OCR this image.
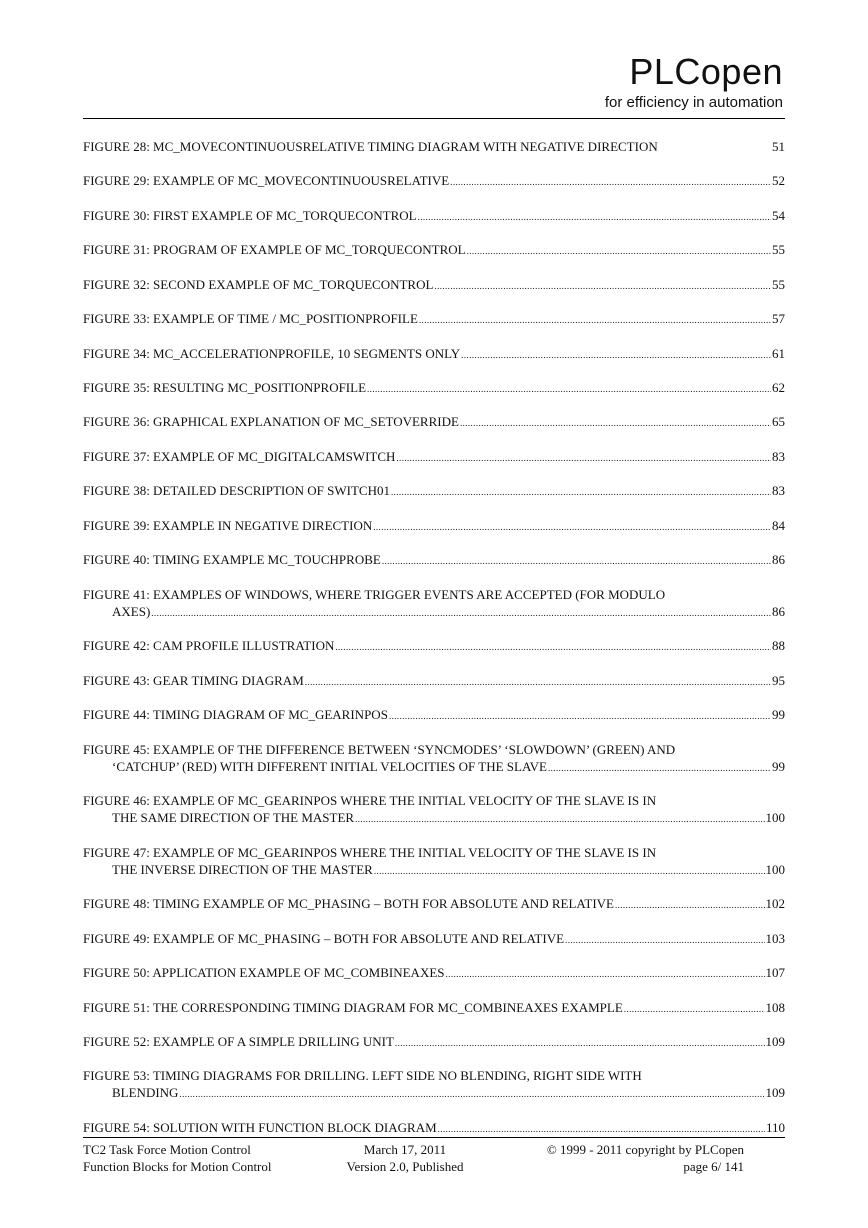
PLCopen
for efficiency in automation
FIGURE 28: MC_MOVECONTINUOUSRELATIVE TIMING DIAGRAM WITH NEGATIVE DIRECTION	51
FIGURE 29: EXAMPLE OF MC_MOVECONTINUOUSRELATIVE .....	52
FIGURE 30: FIRST EXAMPLE OF MC_TORQUECONTROL .....	54
FIGURE 31: PROGRAM OF EXAMPLE OF MC_TORQUECONTROL .....	55
FIGURE 32: SECOND EXAMPLE OF MC_TORQUECONTROL .....	55
FIGURE 33: EXAMPLE OF TIME / MC_POSITIONPROFILE .....	57
FIGURE 34: MC_ACCELERATIONPROFILE, 10 SEGMENTS ONLY .....	61
FIGURE 35: RESULTING MC_POSITIONPROFILE .....	62
FIGURE 36: GRAPHICAL EXPLANATION OF MC_SETOVERRIDE .....	65
FIGURE 37: EXAMPLE OF MC_DIGITALCAMSWITCH .....	83
FIGURE 38: DETAILED DESCRIPTION OF SWITCH01 .....	83
FIGURE 39: EXAMPLE IN NEGATIVE DIRECTION .....	84
FIGURE 40: TIMING EXAMPLE MC_TOUCHPROBE .....	86
FIGURE 41: EXAMPLES OF WINDOWS, WHERE TRIGGER EVENTS ARE ACCEPTED (FOR MODULO
AXES) .....	86
FIGURE 42: CAM PROFILE ILLUSTRATION .....	88
FIGURE 43: GEAR TIMING DIAGRAM .....	95
FIGURE 44: TIMING DIAGRAM OF MC_GEARINPOS .....	99
FIGURE 45: EXAMPLE OF THE DIFFERENCE BETWEEN ‘SYNCMODES’ ‘SLOWDOWN’ (GREEN) AND
‘CATCHUP’ (RED) WITH DIFFERENT INITIAL VELOCITIES OF THE SLAVE .....	99
FIGURE 46: EXAMPLE OF MC_GEARINPOS WHERE THE INITIAL VELOCITY OF THE SLAVE IS IN
THE SAME DIRECTION OF THE MASTER .....	100
FIGURE 47: EXAMPLE OF MC_GEARINPOS WHERE THE INITIAL VELOCITY OF THE SLAVE IS IN
THE INVERSE DIRECTION OF THE MASTER .....	100
FIGURE 48: TIMING EXAMPLE OF MC_PHASING – BOTH FOR ABSOLUTE AND RELATIVE .....	102
FIGURE 49: EXAMPLE OF MC_PHASING – BOTH FOR ABSOLUTE AND RELATIVE .....	103
FIGURE 50: APPLICATION EXAMPLE OF MC_COMBINEAXES .....	107
FIGURE 51: THE CORRESPONDING TIMING DIAGRAM FOR MC_COMBINEAXES EXAMPLE .....	108
FIGURE 52: EXAMPLE OF A SIMPLE DRILLING UNIT .....	109
FIGURE 53: TIMING DIAGRAMS FOR DRILLING. LEFT SIDE NO BLENDING, RIGHT SIDE WITH
BLENDING .....	109
FIGURE 54: SOLUTION WITH FUNCTION BLOCK DIAGRAM .....	110
TC2 Task Force Motion Control
Function Blocks for Motion Control
March 17, 2011
Version 2.0, Published
© 1999 - 2011 copyright by PLCopen
page 6/ 141
